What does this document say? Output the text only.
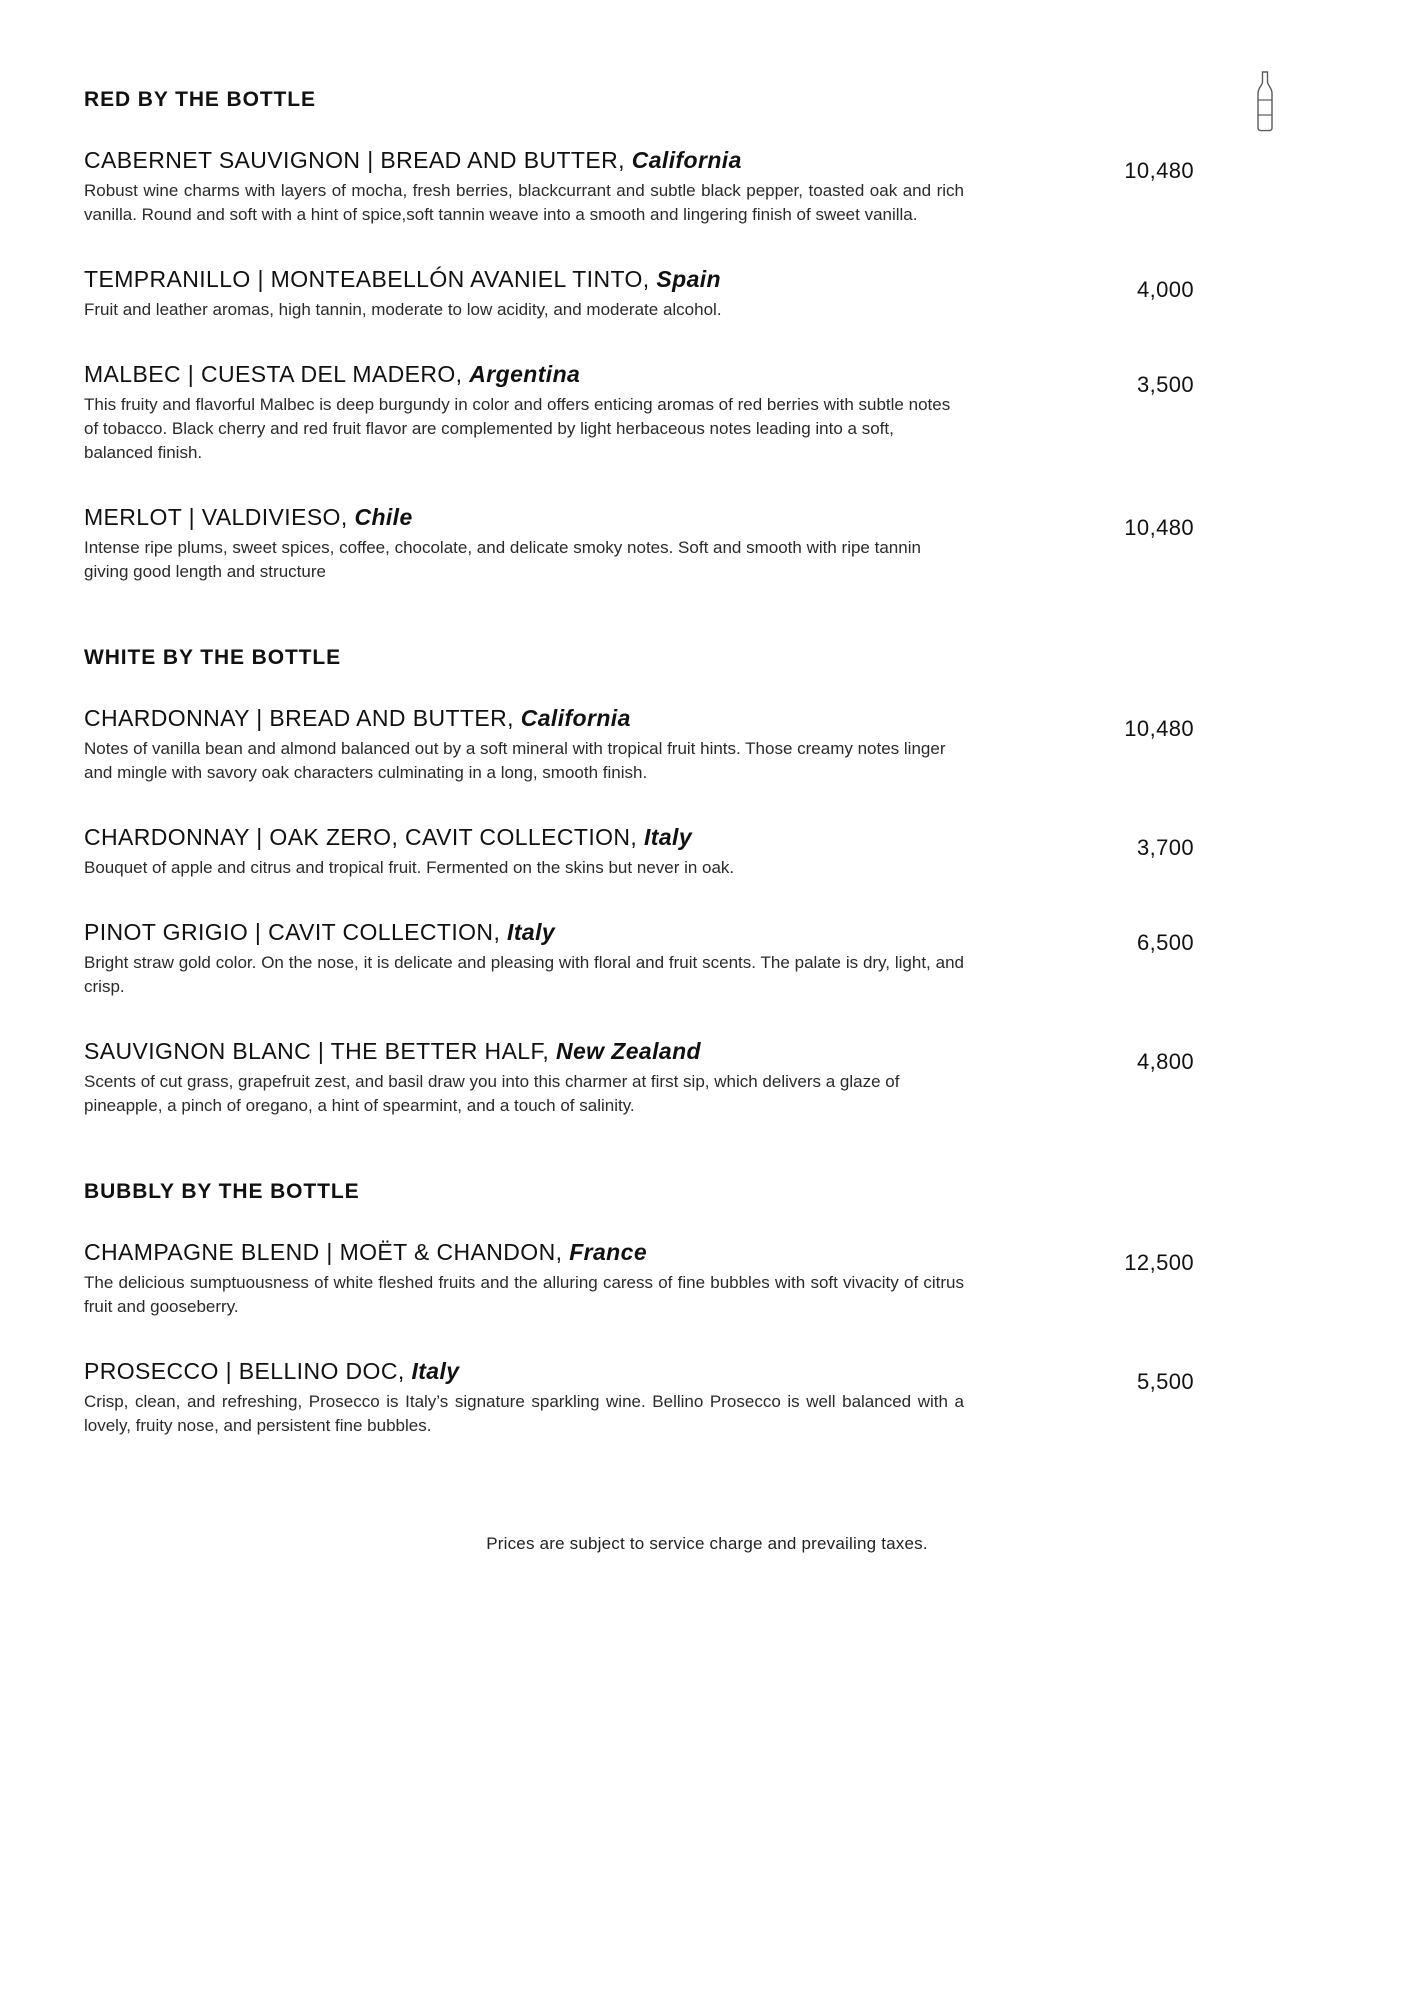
RED BY THE BOTTLE

CABERNET SAUVIGNON | BREAD AND BUTTER, California

Robust wine charms with layers of mocha, fresh berries, blackcurrant and subtle black pepper, toasted oak and rich vanilla. Round and soft with a hint of spice,soft tannin weave into a smooth and lingering finish of sweet vanilla.

10,480

TEMPRANILLO | MONTEABELLÓN AVANIEL TINTO, Spain

Fruit and leather aromas, high tannin, moderate to low acidity, and moderate alcohol.

4,000

MALBEC | CUESTA DEL MADERO, Argentina

This fruity and flavorful Malbec is deep burgundy in color and offers enticing aromas of red berries with subtle notes of tobacco. Black cherry and red fruit flavor are complemented by light herbaceous notes leading into a soft, balanced finish.

3,500

MERLOT | VALDIVIESO, Chile

Intense ripe plums, sweet spices, coffee, chocolate, and delicate smoky notes. Soft and smooth with ripe tannin giving good length and structure

10,480
WHITE BY THE BOTTLE

CHARDONNAY | BREAD AND BUTTER, California

Notes of vanilla bean and almond balanced out by a soft mineral with tropical fruit hints. Those creamy notes linger and mingle with savory oak characters culminating in a long, smooth finish.

10,480

CHARDONNAY | OAK ZERO, CAVIT COLLECTION, Italy

Bouquet of apple and citrus and tropical fruit. Fermented on the skins but never in oak.

3,700

PINOT GRIGIO | CAVIT COLLECTION, Italy

Bright straw gold color. On the nose, it is delicate and pleasing with floral and fruit scents. The palate is dry, light, and crisp.

6,500

SAUVIGNON BLANC | THE BETTER HALF, New Zealand

Scents of cut grass, grapefruit zest, and basil draw you into this charmer at first sip, which delivers a glaze of pineapple, a pinch of oregano, a hint of spearmint, and a touch of salinity.

4,800
BUBBLY BY THE BOTTLE

CHAMPAGNE BLEND | MOËT & CHANDON, France

The delicious sumptuousness of white fleshed fruits and the alluring caress of fine bubbles with soft vivacity of citrus fruit and gooseberry.

12,500

PROSECCO | BELLINO DOC, Italy

Crisp, clean, and refreshing, Prosecco is Italy’s signature sparkling wine. Bellino Prosecco is well balanced with a lovely, fruity nose, and persistent fine bubbles.

5,500
Prices are subject to service charge and prevailing taxes.
